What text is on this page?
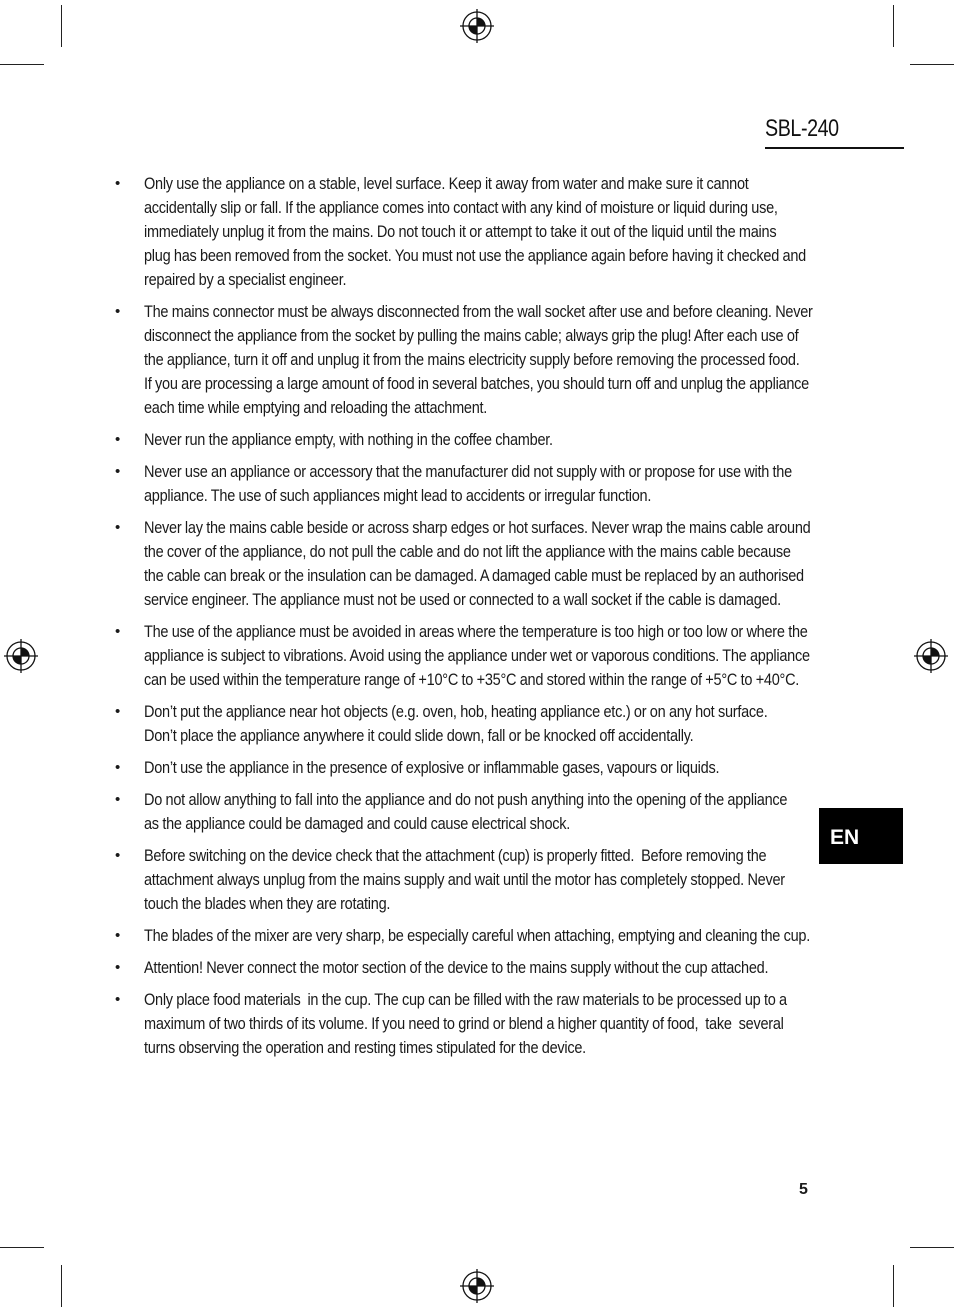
SBL-240
EN
•	Only use the appliance on a stable, level surface. Keep it away from water and make sure it cannot
accidentally slip or fall. If the appliance comes into contact with any kind of moisture or liquid during use,
immediately unplug it from the mains. Do not touch it or attempt to take it out of the liquid until the mains
plug has been removed from the socket. You must not use the appliance again before having it checked and
repaired by a specialist engineer.
•	The mains connector must be always disconnected from the wall socket after use and before cleaning. Never
disconnect the appliance from the socket by pulling the mains cable; always grip the plug! After each use of
the appliance, turn it off and unplug it from the mains electricity supply before removing the processed food.
If you are processing a large amount of food in several batches, you should turn off and unplug the appliance
each time while emptying and reloading the attachment.
•	Never run the appliance empty, with nothing in the coffee chamber.
•	Never use an appliance or accessory that the manufacturer did not supply with or propose for use with the
appliance. The use of such appliances might lead to accidents or irregular function.
•	Never lay the mains cable beside or across sharp edges or hot surfaces. Never wrap the mains cable around
the cover of the appliance, do not pull the cable and do not lift the appliance with the mains cable because
the cable can break or the insulation can be damaged. A damaged cable must be replaced by an authorised
service engineer. The appliance must not be used or connected to a wall socket if the cable is damaged.
•	The use of the appliance must be avoided in areas where the temperature is too high or too low or where the
appliance is subject to vibrations. Avoid using the appliance under wet or vaporous conditions. The appliance
can be used within the temperature range of +10°C to +35°C and stored within the range of +5°C to +40°C.
•	Don’t put the appliance near hot objects (e.g. oven, hob, heating appliance etc.) or on any hot surface.
Don’t place the appliance anywhere it could slide down, fall or be knocked off accidentally.
•	Don’t use the appliance in the presence of explosive or inflammable gases, vapours or liquids.
•	Do not allow anything to fall into the appliance and do not push anything into the opening of the appliance
as the appliance could be damaged and could cause electrical shock.
•	Before switching on the device check that the attachment (cup) is properly fitted.  Before removing the
attachment always unplug from the mains supply and wait until the motor has completely stopped. Never
touch the blades when they are rotating.
•	The blades of the mixer are very sharp, be especially careful when attaching, emptying and cleaning the cup.
•	Attention! Never connect the motor section of the device to the mains supply without the cup attached.
•	Only place food materials  in the cup. The cup can be filled with the raw materials to be processed up to a
maximum of two thirds of its volume. If you need to grind or blend a higher quantity of food,  take  several
turns observing the operation and resting times stipulated for the device.
5
